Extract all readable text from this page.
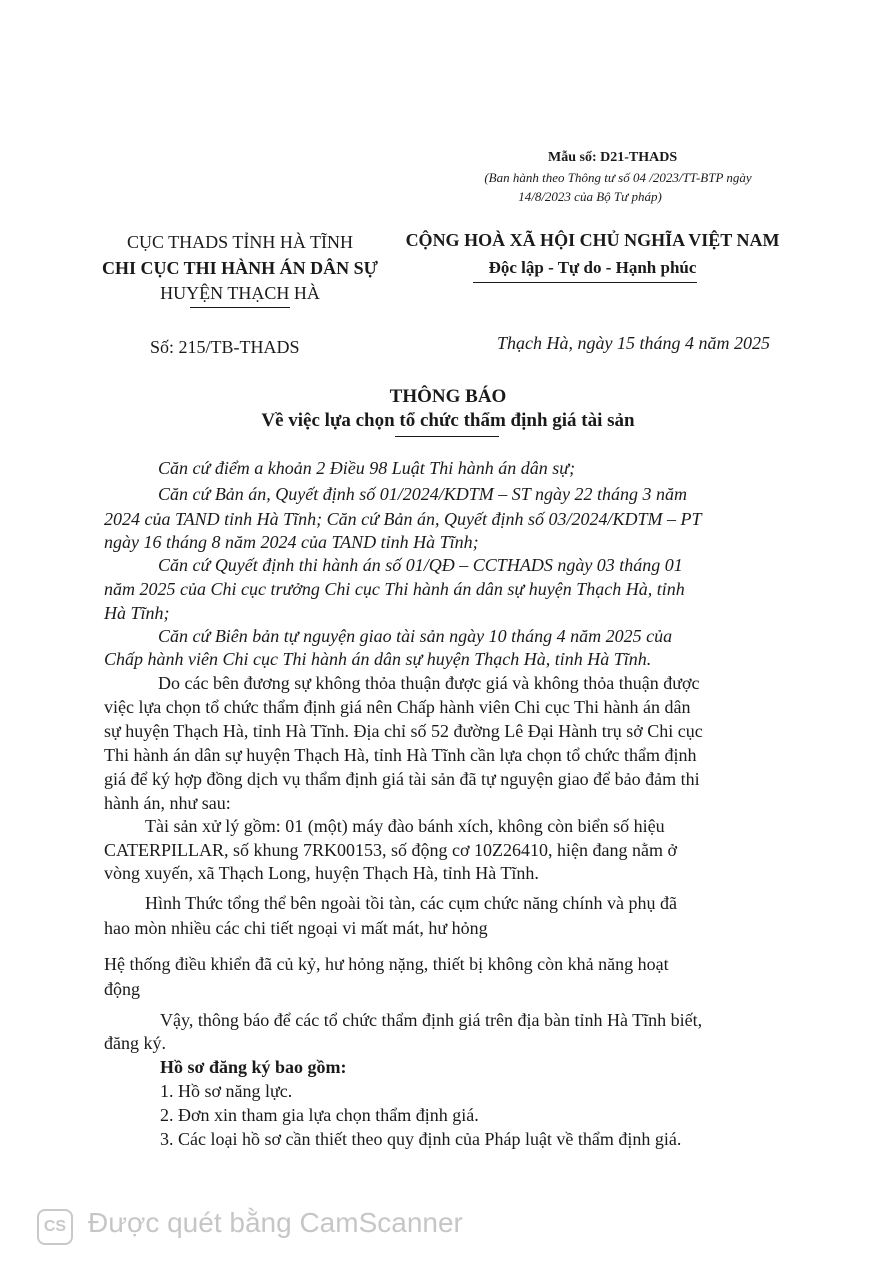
Mẫu số: D21-THADS
(Ban hành theo Thông tư số 04 /2023/TT-BTP ngày
14/8/2023 của Bộ Tư pháp)
CỤC THADS TỈNH HÀ TĨNH
CHI CỤC THI HÀNH ÁN DÂN SỰ
HUYỆN THẠCH HÀ
CỘNG HOÀ XÃ HỘI CHỦ NGHĨA VIỆT NAM
Độc lập - Tự do - Hạnh phúc
Số: 215/TB-THADS	Thạch Hà, ngày 15 tháng 4 năm 2025
THÔNG BÁO
Về việc lựa chọn tổ chức thẩm định giá tài sản
Căn cứ điểm a khoản 2 Điều 98 Luật Thi hành án dân sự;
Căn cứ Bản án, Quyết định số 01/2024/KDTM – ST ngày 22 tháng 3 năm
2024 của TAND tỉnh Hà Tĩnh; Căn cứ Bản án, Quyết định số 03/2024/KDTM – PT
ngày 16 tháng 8 năm 2024 của TAND tỉnh Hà Tĩnh;
Căn cứ Quyết định thi hành án số 01/QĐ – CCTHADS ngày 03 tháng 01
năm 2025 của Chi cục trưởng Chi cục Thi hành án dân sự huyện Thạch Hà, tỉnh
Hà Tĩnh;
Căn cứ Biên bản tự nguyện giao tài sản ngày 10 tháng 4 năm 2025 của
Chấp hành viên Chi cục Thi hành án dân sự huyện Thạch Hà, tỉnh Hà Tĩnh.
Do các bên đương sự không thỏa thuận được giá và không thỏa thuận được
việc lựa chọn tổ chức thẩm định giá nên Chấp hành viên Chi cục Thi hành án dân
sự huyện Thạch Hà, tỉnh Hà Tĩnh. Địa chỉ số 52 đường Lê Đại Hành trụ sở Chi cục
Thi hành án dân sự huyện Thạch Hà, tỉnh Hà Tĩnh cần lựa chọn tổ chức thẩm định
giá để ký hợp đồng dịch vụ thẩm định giá tài sản đã tự nguyện giao để bảo đảm thi
hành án, như sau:
Tài sản xử lý gồm: 01 (một) máy đào bánh xích, không còn biển số hiệu
CATERPILLAR, số khung 7RK00153, số động cơ 10Z26410, hiện đang nằm ở
vòng xuyến, xã Thạch Long, huyện Thạch Hà, tỉnh Hà Tĩnh.
Hình Thức tổng thể bên ngoài tồi tàn, các cụm chức năng chính và phụ đã
hao mòn nhiều các chi tiết ngoại vi mất mát, hư hỏng
Hệ thống điều khiển đã củ kỷ, hư hỏng nặng, thiết bị không còn khả năng hoạt
động
Vậy, thông báo để các tổ chức thẩm định giá trên địa bàn tỉnh Hà Tĩnh biết,
đăng ký.
Hồ sơ đăng ký bao gồm:
1. Hồ sơ năng lực.
2. Đơn xin tham gia lựa chọn thẩm định giá.
3. Các loại hồ sơ cần thiết theo quy định của Pháp luật về thẩm định giá.
CS Được quét bằng CamScanner
